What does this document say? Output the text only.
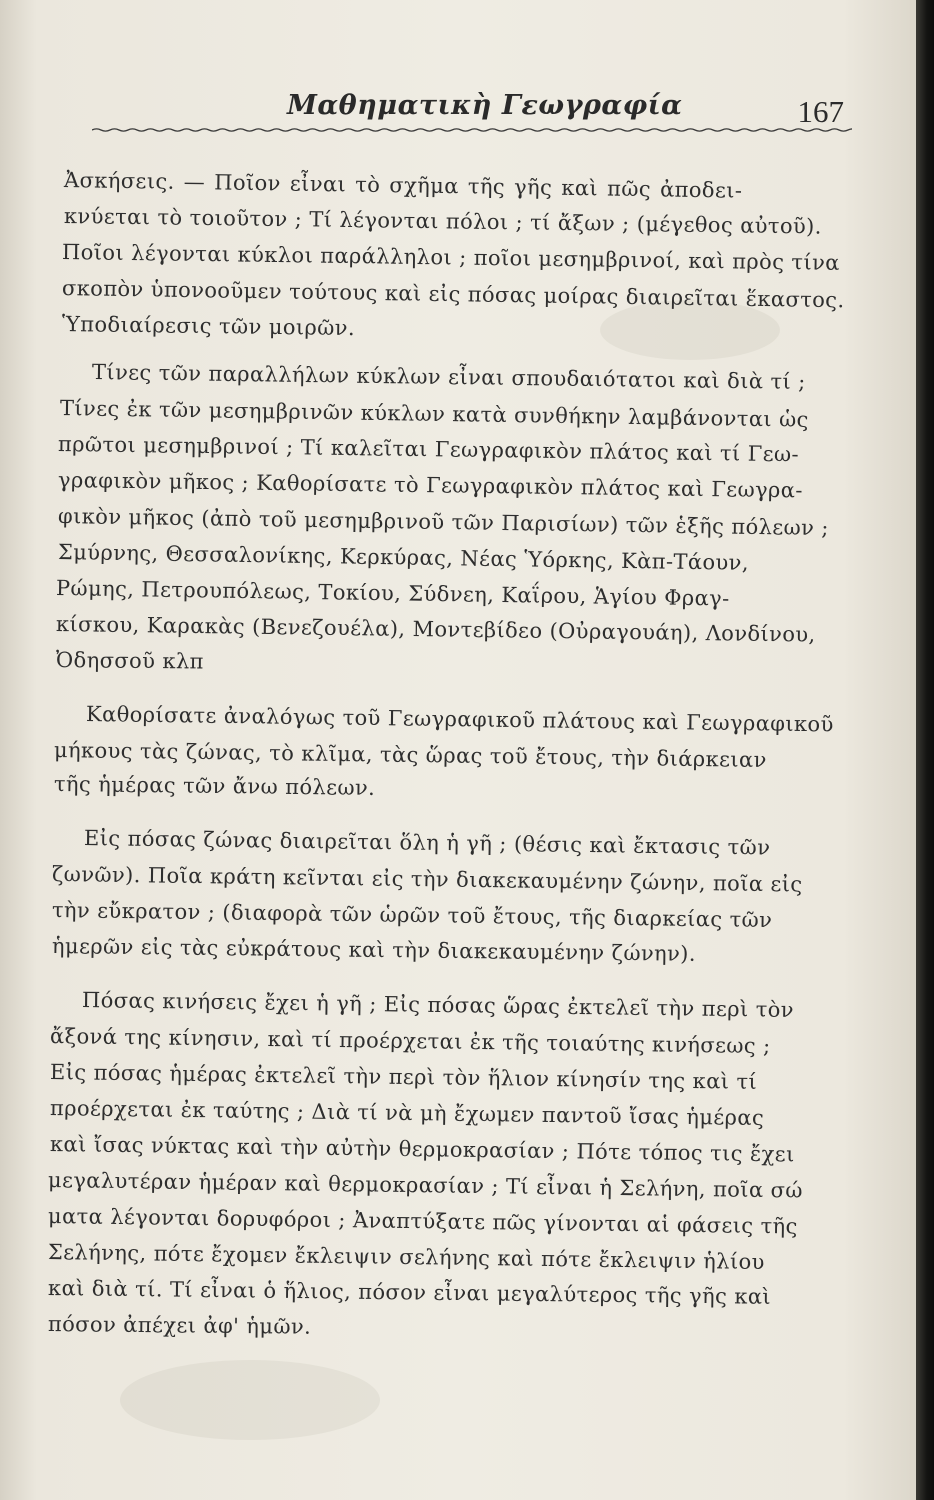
Μαθηματικὴ Γεωγραφία	167
Ἀσκήσεις. — Ποῖον εἶναι τὸ σχῆμα τῆς γῆς καὶ πῶς ἀποδει-
κνύεται τὸ τοιοῦτον ; Τί λέγονται πόλοι ; τί ἄξων ; (μέγεθος αὐτοῦ).
Ποῖοι λέγονται κύκλοι παράλληλοι ; ποῖοι μεσημβρινοί, καὶ πρὸς τίνα
σκοπὸν ὑπονοοῦμεν τούτους καὶ εἰς πόσας μοίρας διαιρεῖται ἕκαστος.
Ὑποδιαίρεσις τῶν μοιρῶν.
Τίνες τῶν παραλλήλων κύκλων εἶναι σπουδαιότατοι καὶ διὰ τί ;
Τίνες ἐκ τῶν μεσημβρινῶν κύκλων κατὰ συνθήκην λαμβάνονται ὡς
πρῶτοι μεσημβρινοί ; Τί καλεῖται Γεωγραφικὸν πλάτος καὶ τί Γεω-
γραφικὸν μῆκος ; Καθορίσατε τὸ Γεωγραφικὸν πλάτος καὶ Γεωγρα-
φικὸν μῆκος (ἀπὸ τοῦ μεσημβρινοῦ τῶν Παρισίων) τῶν ἑξῆς πόλεων ;
Σμύρνης, Θεσσαλονίκης, Κερκύρας, Νέας Ὑόρκης, Κὰπ-Τάουν,
Ρώμης, Πετρουπόλεως, Τοκίου, Σύδνεη, Καΐρου, Ἁγίου Φραγ-
κίσκου, Καρακὰς (Βενεζουέλα), Μοντεβίδεο (Οὐραγουάη), Λονδίνου,
Ὀδησσοῦ κλπ
Καθορίσατε ἀναλόγως τοῦ Γεωγραφικοῦ πλάτους καὶ Γεωγραφικοῦ
μήκους τὰς ζώνας, τὸ κλῖμα, τὰς ὥρας τοῦ ἔτους, τὴν διάρκειαν
τῆς ἡμέρας τῶν ἄνω πόλεων.
Εἰς πόσας ζώνας διαιρεῖται ὅλη ἡ γῆ ; (θέσις καὶ ἔκτασις τῶν
ζωνῶν). Ποῖα κράτη κεῖνται εἰς τὴν διακεκαυμένην ζώνην, ποῖα εἰς
τὴν εὔκρατον ; (διαφορὰ τῶν ὡρῶν τοῦ ἔτους, τῆς διαρκείας τῶν
ἡμερῶν εἰς τὰς εὐκράτους καὶ τὴν διακεκαυμένην ζώνην).
Πόσας κινήσεις ἔχει ἡ γῆ ; Εἰς πόσας ὥρας ἐκτελεῖ τὴν περὶ τὸν
ἄξονά της κίνησιν, καὶ τί προέρχεται ἐκ τῆς τοιαύτης κινήσεως ;
Εἰς πόσας ἡμέρας ἐκτελεῖ τὴν περὶ τὸν ἥλιον κίνησίν της καὶ τί
προέρχεται ἐκ ταύτης ; Διὰ τί νὰ μὴ ἔχωμεν παντοῦ ἴσας ἡμέρας
καὶ ἴσας νύκτας καὶ τὴν αὐτὴν θερμοκρασίαν ; Πότε τόπος τις ἔχει
μεγαλυτέραν ἡμέραν καὶ θερμοκρασίαν ; Τί εἶναι ἡ Σελήνη, ποῖα σώ
ματα λέγονται δορυφόροι ; Ἀναπτύξατε πῶς γίνονται αἱ φάσεις τῆς
Σελήνης, πότε ἔχομεν ἔκλειψιν σελήνης καὶ πότε ἔκλειψιν ἡλίου
καὶ διὰ τί. Τί εἶναι ὁ ἥλιος, πόσον εἶναι μεγαλύτερος τῆς γῆς καὶ
πόσον ἀπέχει ἀφ' ἡμῶν.
